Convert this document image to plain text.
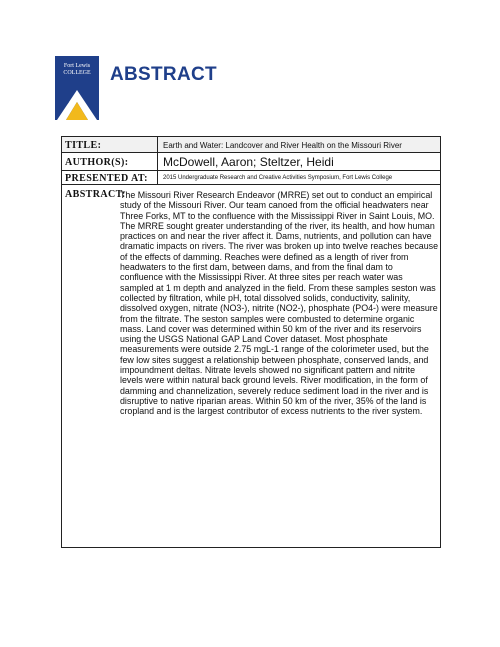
Fort Lewis
COLLEGE	ABSTRACT
TITLE:	Earth and Water: Landcover and River Health on the Missouri River
AUTHOR(S):	McDowell, Aaron; Steltzer, Heidi
PRESENTED AT:	2015 Undergraduate Research and Creative Activities Symposium, Fort Lewis College
ABSTRACT:
The Missouri River Research Endeavor (MRRE) set out to conduct an empirical study of the Missouri River. Our team canoed from the official headwaters near Three Forks, MT to the confluence with the Mississippi River in Saint Louis, MO. The MRRE sought greater understanding of the river, its health, and how human practices on and near the river affect it. Dams, nutrients, and pollution can have dramatic impacts on rivers. The river was broken up into twelve reaches because of the effects of damming. Reaches were defined as a length of river from headwaters to the first dam, between dams, and from the final dam to confluence with the Mississippi River. At three sites per reach water was sampled at 1 m depth and analyzed in the field. From these samples seston was collected by filtration, while pH, total dissolved solids, conductivity, salinity, dissolved oxygen, nitrate (NO3-), nitrite (NO2-), phosphate (PO4-) were measure from the filtrate. The seston samples were combusted to determine organic mass. Land cover was determined within 50 km of the river and its reservoirs using the USGS National GAP Land Cover dataset. Most phosphate measurements were outside 2.75 mgL-1 range of the colorimeter used, but the few low sites suggest a relationship between phosphate, conserved lands, and impoundment deltas. Nitrate levels showed no significant pattern and nitrite levels were within natural back ground levels. River modification, in the form of damming and channelization, severely reduce sediment load in the river and is disruptive to native riparian areas. Within 50 km of the river, 35% of the land is cropland and is the largest contributor of excess nutrients to the river system.
